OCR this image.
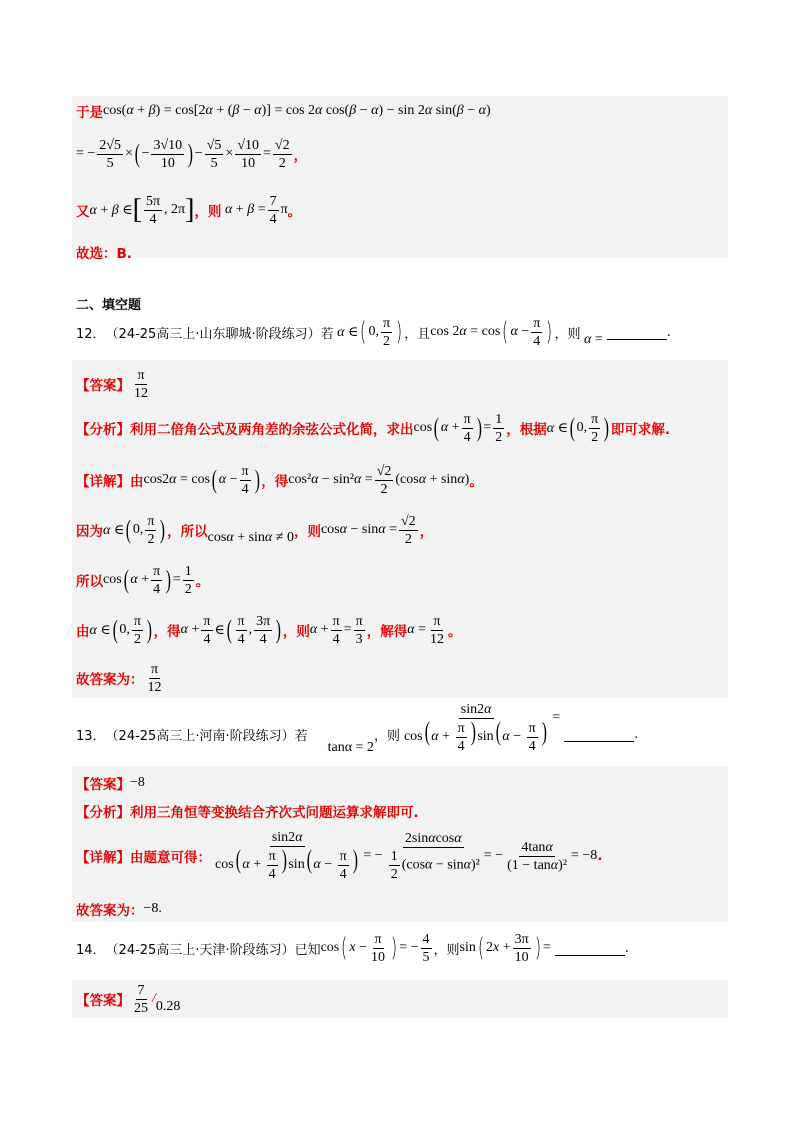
于是 cos(α + β) = cos[2α + (β − α)] = cos 2α cos(β − α) − sin 2α sin(β − α)
= − $\frac{2√5}{5}$ × ( − $\frac{3√10}{10}$ ) − $\frac{√5}{5} \times \frac{√10}{10} = \frac{√2}{2}$ ，
又 α + β ∈ [ $\frac{5\pi}{4}$ , 2π ] ，则 $\alpha + \beta = \frac{7}{4}$ π 。
故选：B.
二、填空题
12． （24-25高三上·山东聊城·阶段练习）若 α ∈ ( 0, $\frac{\pi}{2}$ ) ，且 cos 2α = cos ( $\alpha - \frac{\pi}{4}$ ) ，则 α =	.
【答案】 $\frac{\pi}{12}$
【分析】 利用二倍角公式及两角差的余弦公式化简，求出 cos ( $\alpha + \frac{\pi}{4}$ ) = $\frac{1}{2}$ ，根据 α ∈ ( 0, $\frac{\pi}{2}$ ) 即可求解.
【详解】 由 cos2α = cos ( $\alpha - \frac{\pi}{4}$ ) ，得 $\cos^2\alpha - \sin^2\alpha = \frac{√2}{2} (\cos\alpha + \sin\alpha)$ 。
因为 α ∈ ( 0, $\frac{\pi}{2}$ ) ，所以 cosα + sinα ≠ 0 ，则 $\cos\alpha - \sin\alpha = \frac{√2}{2}$ ，
所以 cos ( $\alpha + \frac{\pi}{4}$ ) = $\frac{1}{2}$ 。
由 α ∈ ( 0, $\frac{\pi}{2}$ ) ，得 $\alpha + \frac{\pi}{4}$ ∈ ( $\frac{\pi}{4}$ , $\frac{3\pi}{4}$ ) ，则 $\alpha + \frac{\pi}{4} = \frac{\pi}{3}$ ，解得 $\alpha = \frac{\pi}{12}$ 。
故答案为： $\frac{\pi}{12}$
13． （24-25高三上·河南·阶段练习）若
tanα = 2
，则 $\frac{\sin 2\alpha}{\cos( \alpha + \frac{\pi}{4} ) \sin( \alpha - \frac{\pi}{4} )}$ =
.
【答案】 −8
【分析】 利用三角恒等变换结合齐次式问题运算求解即可.
【详解】 由题意可得： $\frac{\sin 2\alpha}{\cos( \alpha + \frac{\pi}{4} ) \sin( \alpha - \frac{\pi}{4} )}$ = − $\frac{2\sin\alpha\cos\alpha}{\frac{1}{2} (\cos\alpha - \sin\alpha)^2}$ = − $\frac{4\tan\alpha}{\text{(1 − tanα)²}} = -8$ .
故答案为： −8.
14． （24-25高三上·天津·阶段练习）已知 cos ( $x - \frac{\pi}{10}$ ) = − $\frac{4}{5}$ ，则 sin ( $2x + \frac{3\pi}{10}$ ) =	.
【答案】 $\frac{7}{25}$ /
0.28
